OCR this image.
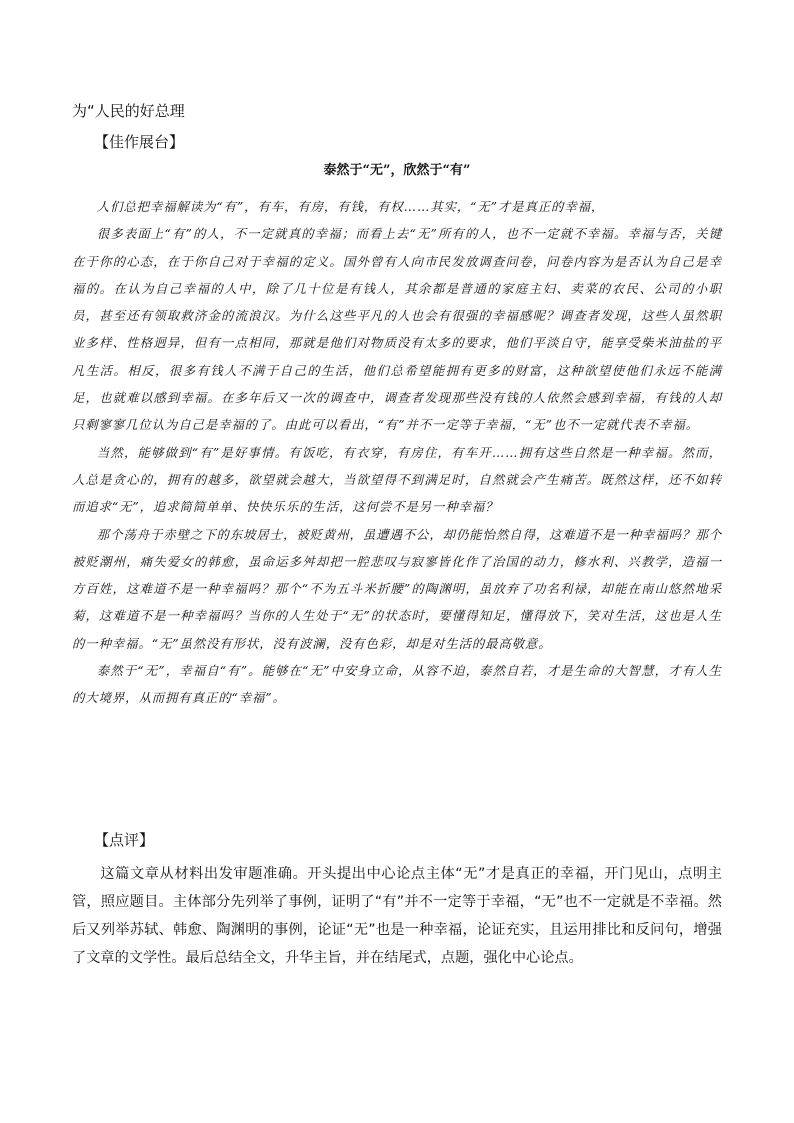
为“人民的好总理

【佳作展台】

泰然于“无”，欣然于“有”

人们总把幸福解读为“有”，有车，有房，有钱，有权……其实，“无”才是真正的幸福，

很多表面上“有”的人，不一定就真的幸福；而看上去“无”所有的人，也不一定就不幸福。幸福与否，关键在于你的心态，在于你自己对于幸福的定义。国外曾有人向市民发放调查问卷，问卷内容为是否认为自己是幸福的。在认为自己幸福的人中，除了几十位是有钱人，其余都是普通的家庭主妇、卖菜的农民、公司的小职员，甚至还有领取救济金的流浪汉。为什么这些平凡的人也会有很强的幸福感呢？调查者发现，这些人虽然职业多样、性格迥异，但有一点相同，那就是他们对物质没有太多的要求，他们平淡自守，能享受柴米油盐的平凡生活。相反，很多有钱人不满于自己的生活，他们总希望能拥有更多的财富，这种欲望使他们永远不能满足，也就难以感到幸福。在多年后又一次的调查中，调查者发现那些没有钱的人依然会感到幸福，有钱的人却只剩寥寥几位认为自己是幸福的了。由此可以看出，“有”并不一定等于幸福，“无”也不一定就代表不幸福。

当然，能够做到“有”是好事情。有饭吃，有衣穿，有房住，有车开……拥有这些自然是一种幸福。然而，人总是贪心的，拥有的越多，欲望就会越大，当欲望得不到满足时，自然就会产生痛苦。既然这样，还不如转而追求“无”，追求简简单单、快快乐乐的生活，这何尝不是另一种幸福？

那个荡舟于赤壁之下的东坡居士，被贬黄州，虽遭遇不公，却仍能怡然自得，这难道不是一种幸福吗？那个被贬潮州，痛失爱女的韩愈，虽命运多舛却把一腔悲叹与寂寥皆化作了治国的动力，修水利、兴教学，造福一方百姓，这难道不是一种幸福吗？那个“不为五斗米折腰”的陶渊明，虽放弃了功名利禄，却能在南山悠然地采菊，这难道不是一种幸福吗？当你的人生处于“无”的状态时，要懂得知足，懂得放下，笑对生活，这也是人生的一种幸福。“无”虽然没有形状，没有波澜，没有色彩，却是对生活的最高敬意。

泰然于“无”，幸福自“有”。能够在“无”中安身立命，从容不迫，泰然自若，才是生命的大智慧，才有人生的大境界，从而拥有真正的“幸福”。

【点评】

这篇文章从材料出发审题准确。开头提出中心论点主体“无”才是真正的幸福，开门见山，点明主管，照应题目。主体部分先列举了事例，证明了“有”并不一定等于幸福，“无”也不一定就是不幸福。然后又列举苏轼、韩愈、陶渊明的事例，论证“无”也是一种幸福，论证充实，且运用排比和反问句，增强了文章的文学性。最后总结全文，升华主旨，并在结尾式，点题，强化中心论点。
